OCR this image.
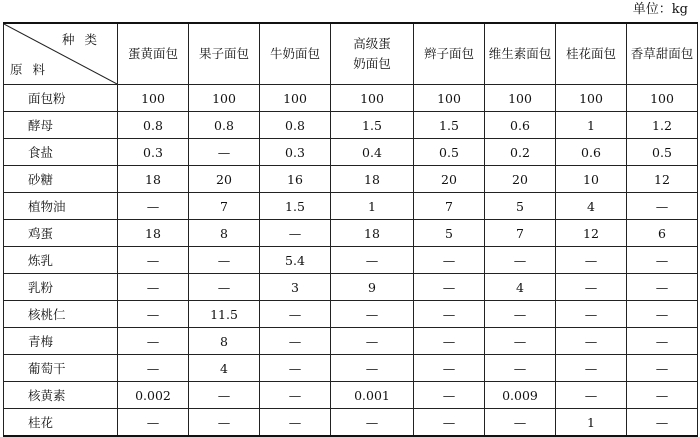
单位：kg
种类
原料	蛋黄面包	果子面包	牛奶面包	高级蛋奶面包	辫子面包	维生素面包	桂花面包	香草甜面包
面包粉	100	100	100	100	100	100	100	100
酵母	0.8	0.8	0.8	1.5	1.5	0.6	1	1.2
食盐	0.3	—	0.3	0.4	0.5	0.2	0.6	0.5
砂糖	18	20	16	18	20	20	10	12
植物油	—	7	1.5	1	7	5	4	—
鸡蛋	18	8	—	18	5	7	12	6
炼乳	—	—	5.4	—	—	—	—	—
乳粉	—	—	3	9	—	4	—	—
核桃仁	—	11.5	—	—	—	—	—	—
青梅	—	8	—	—	—	—	—	—
葡萄干	—	4	—	—	—	—	—	—
核黄素	0.002	—	—	0.001	—	0.009	—	—
桂花	—	—	—	—	—	—	1	—
